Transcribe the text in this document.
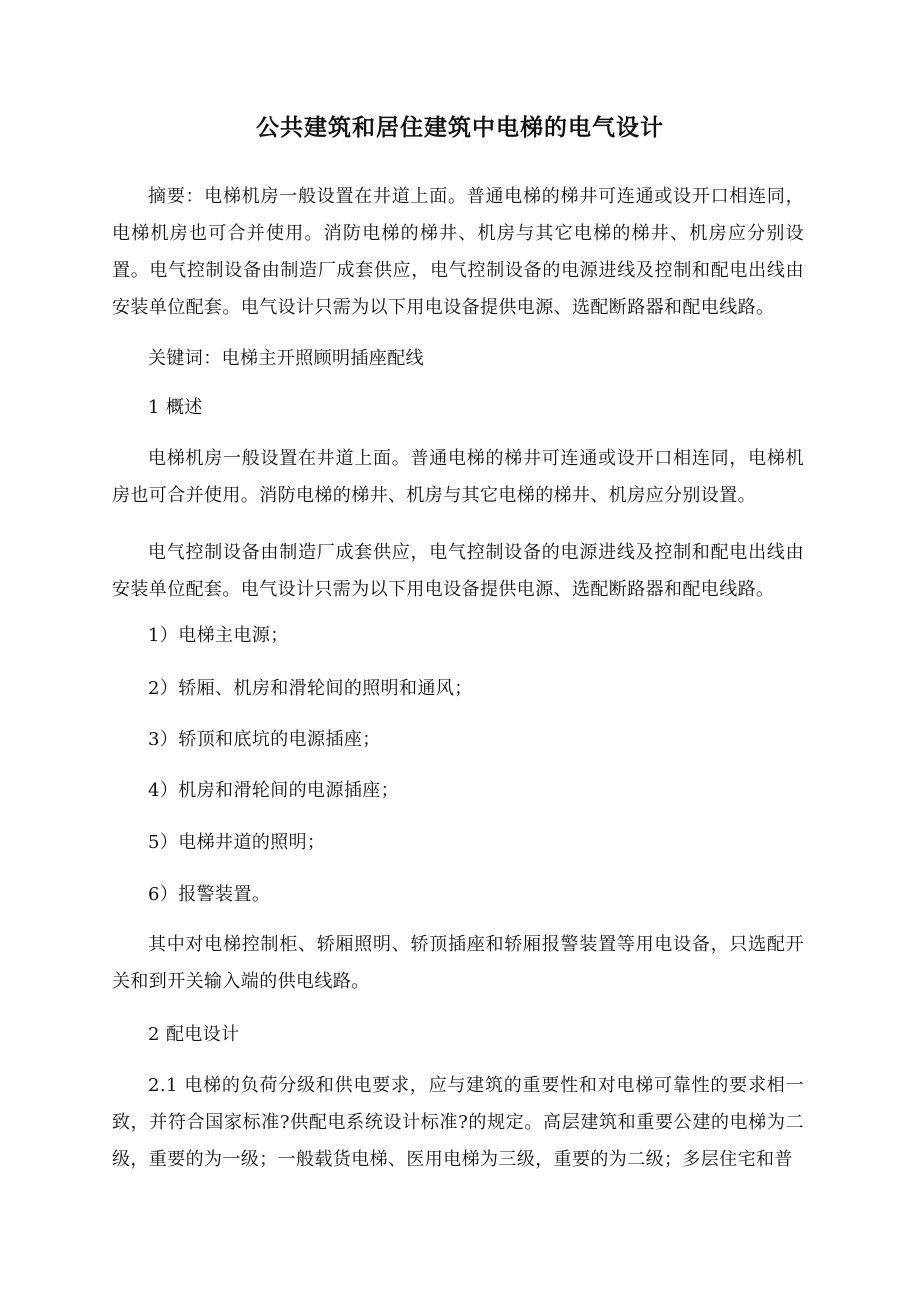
公共建筑和居住建筑中电梯的电气设计

摘要：电梯机房一般设置在井道上面。普通电梯的梯井可连通或设开口相连同，电梯机房也可合并使用。消防电梯的梯井、机房与其它电梯的梯井、机房应分别设置。电气控制设备由制造厂成套供应，电气控制设备的电源进线及控制和配电出线由安装单位配套。电气设计只需为以下用电设备提供电源、选配断路器和配电线路。

关键词：电梯主开照顾明插座配线

1 概述

电梯机房一般设置在井道上面。普通电梯的梯井可连通或设开口相连同，电梯机房也可合并使用。消防电梯的梯井、机房与其它电梯的梯井、机房应分别设置。

电气控制设备由制造厂成套供应，电气控制设备的电源进线及控制和配电出线由安装单位配套。电气设计只需为以下用电设备提供电源、选配断路器和配电线路。

1）电梯主电源；

2）轿厢、机房和滑轮间的照明和通风；

3）轿顶和底坑的电源插座；

4）机房和滑轮间的电源插座；

5）电梯井道的照明；

6）报警装置。

其中对电梯控制柜、轿厢照明、轿顶插座和轿厢报警装置等用电设备，只选配开关和到开关输入端的供电线路。

2 配电设计

2.1 电梯的负荷分级和供电要求，应与建筑的重要性和对电梯可靠性的要求相一致，并符合国家标准?供配电系统设计标准?的规定。高层建筑和重要公建的电梯为二级，重要的为一级；一般载货电梯、医用电梯为三级，重要的为二级；多层住宅和普
